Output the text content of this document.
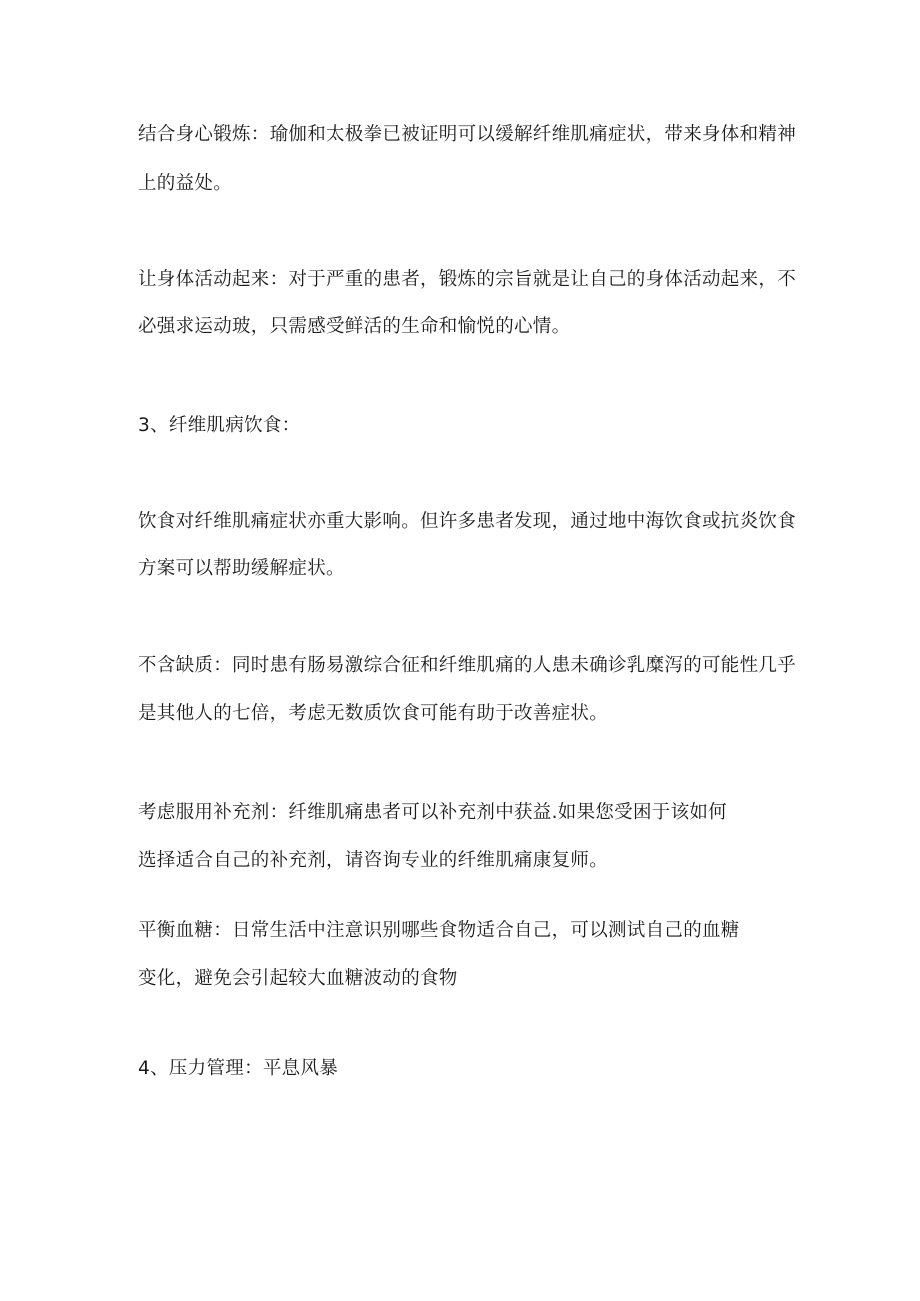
结合身心锻炼：瑜伽和太极拳已被证明可以缓解纤维肌痛症状，带来身体和精神
上的益处。
让身体活动起来：对于严重的患者，锻炼的宗旨就是让自己的身体活动起来，不
必强求运动玻，只需感受鲜活的生命和愉悦的心情。
3、纤维肌病饮食：
饮食对纤维肌痛症状亦重大影响。但许多患者发现，通过地中海饮食或抗炎饮食
方案可以帮助缓解症状。
不含缺质：同时患有肠易激综合征和纤维肌痛的人患未确诊乳糜泻的可能性几乎
是其他人的七倍，考虑无数质饮食可能有助于改善症状。
考虑服用补充剂：纤维肌痛患者可以补充剂中获益.如果您受困于该如何
选择适合自己的补充剂，请咨询专业的纤维肌痛康复师。
平衡血糖：日常生活中注意识别哪些食物适合自己，可以测试自己的血糖
变化，避免会引起较大血糖波动的食物
4、压力管理：平息风暴
